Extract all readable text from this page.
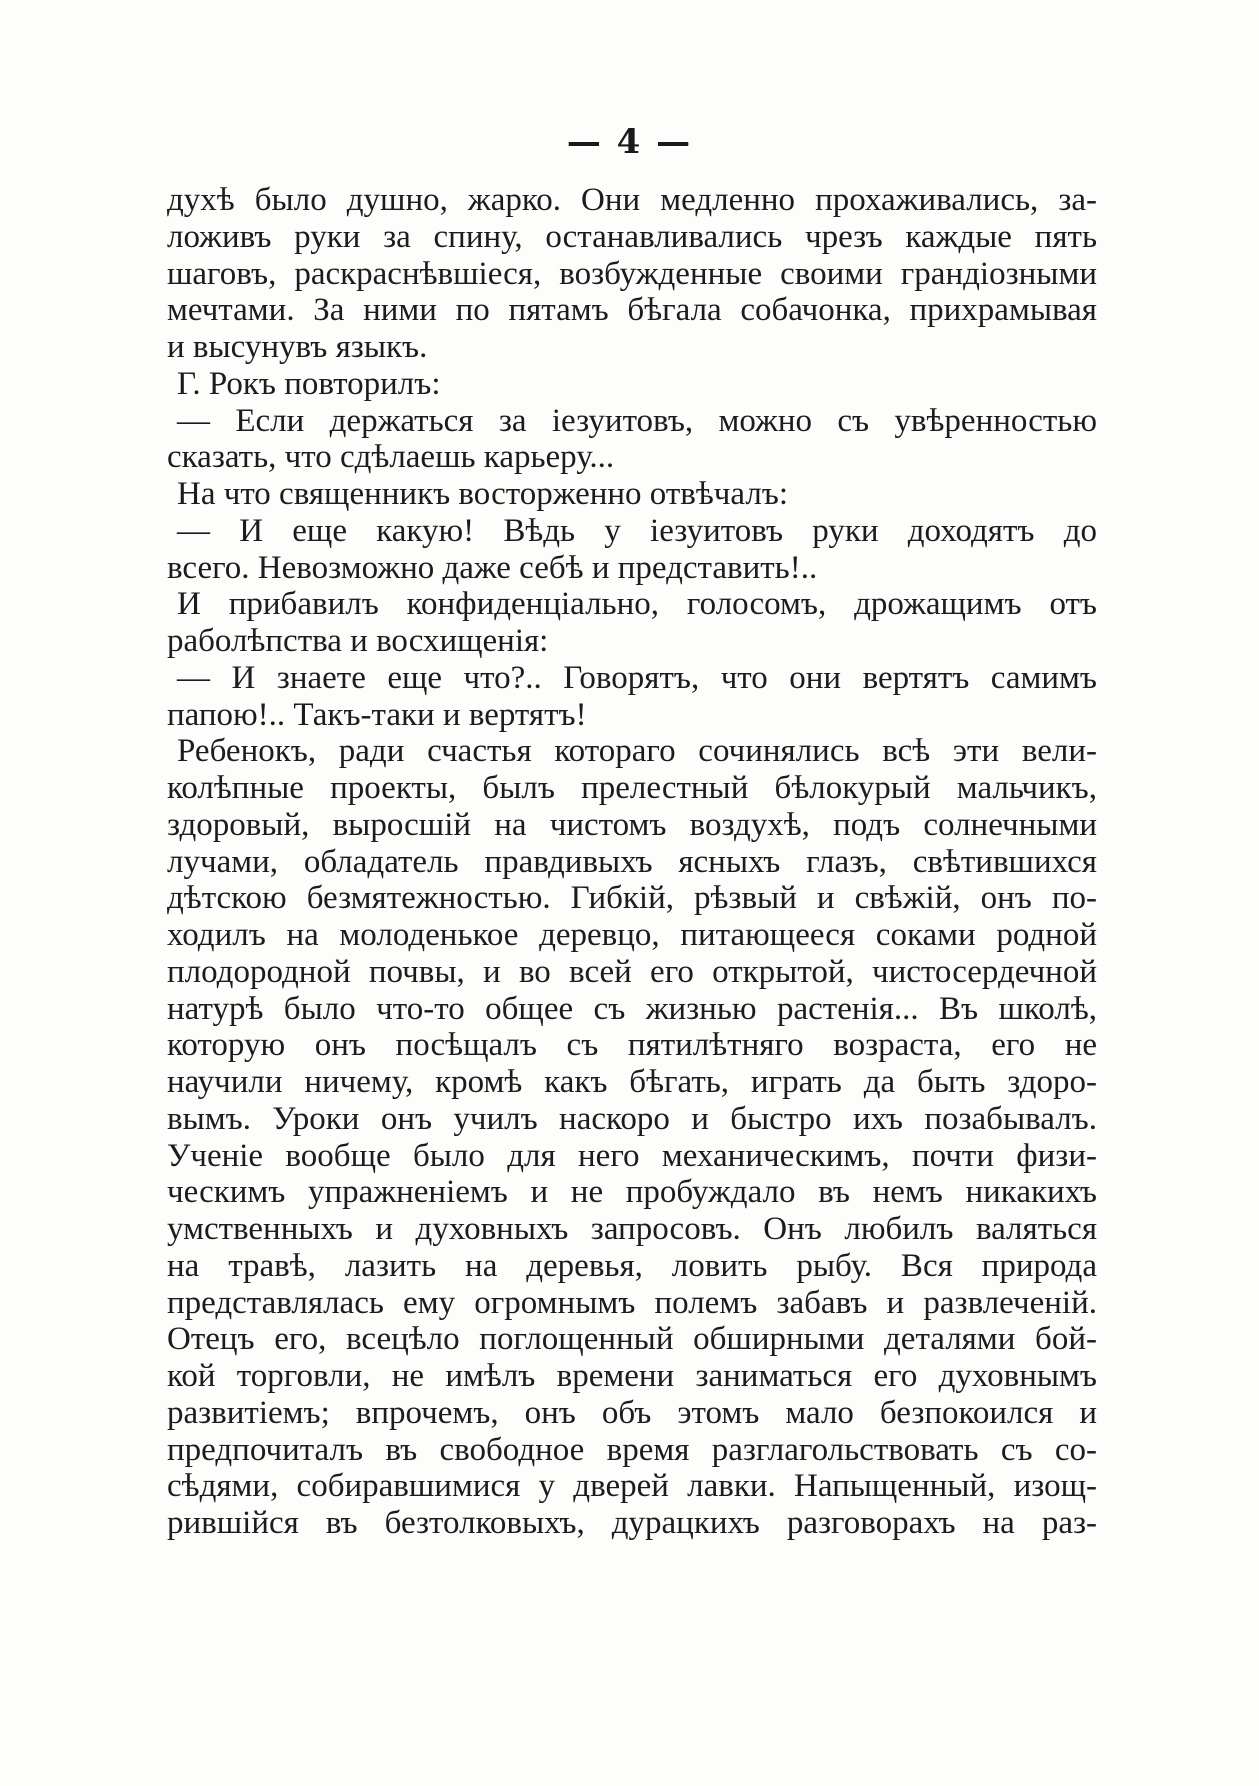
— 4 —
духѣ было душно, жарко. Они медленно прохаживались, за-
ложивъ руки за спину, останавливались чрезъ каждые пять
шаговъ, раскраснѣвшiеся, возбужденные своими грандiозными
мечтами. За ними по пятамъ бѣгала собачонка, прихрамывая
и высунувъ языкъ.
Г. Рокъ повторилъ:
— Если держаться за iезуитовъ, можно съ увѣренностью
сказать, что сдѣлаешь карьеру...
На что священникъ восторженно отвѣчалъ:
— И еще какую! Вѣдь у iезуитовъ руки доходятъ до
всего. Невозможно даже себѣ и представить!..
И прибавилъ конфиденцiально, голосомъ, дрожащимъ отъ
раболѣпства и восхищенiя:
— И знаете еще что?.. Говорятъ, что они вертятъ самимъ
папою!.. Такъ-таки и вертятъ!
Ребенокъ, ради счастья котораго сочинялись всѣ эти вели-
колѣпные проекты, былъ прелестный бѣлокурый мальчикъ,
здоровый, выросшiй на чистомъ воздухѣ, подъ солнечными
лучами, обладатель правдивыхъ ясныхъ глазъ, свѣтившихся
дѣтскою безмятежностью. Гибкiй, рѣзвый и свѣжiй, онъ по-
ходилъ на молоденькое деревцо, питающееся соками родной
плодородной почвы, и во всей его открытой, чистосердечной
натурѣ было что-то общее съ жизнью растенiя... Въ школѣ,
которую онъ посѣщалъ съ пятилѣтняго возраста, его не
научили ничему, кромѣ какъ бѣгать, играть да быть здоро-
вымъ. Уроки онъ училъ наскоро и быстро ихъ позабывалъ.
Ученiе вообще было для него механическимъ, почти физи-
ческимъ упражненiемъ и не пробуждало въ немъ никакихъ
умственныхъ и духовныхъ запросовъ. Онъ любилъ валяться
на травѣ, лазить на деревья, ловить рыбу. Вся природа
представлялась ему огромнымъ полемъ забавъ и развлеченiй.
Отецъ его, всецѣло поглощенный обширными деталями бой-
кой торговли, не имѣлъ времени заниматься его духовнымъ
развитiемъ; впрочемъ, онъ объ этомъ мало безпокоился и
предпочиталъ въ свободное время разглагольствовать съ со-
сѣдями, собиравшимися у дверей лавки. Напыщенный, изощ-
рившiйся въ безтолковыхъ, дурацкихъ разговорахъ на раз-
